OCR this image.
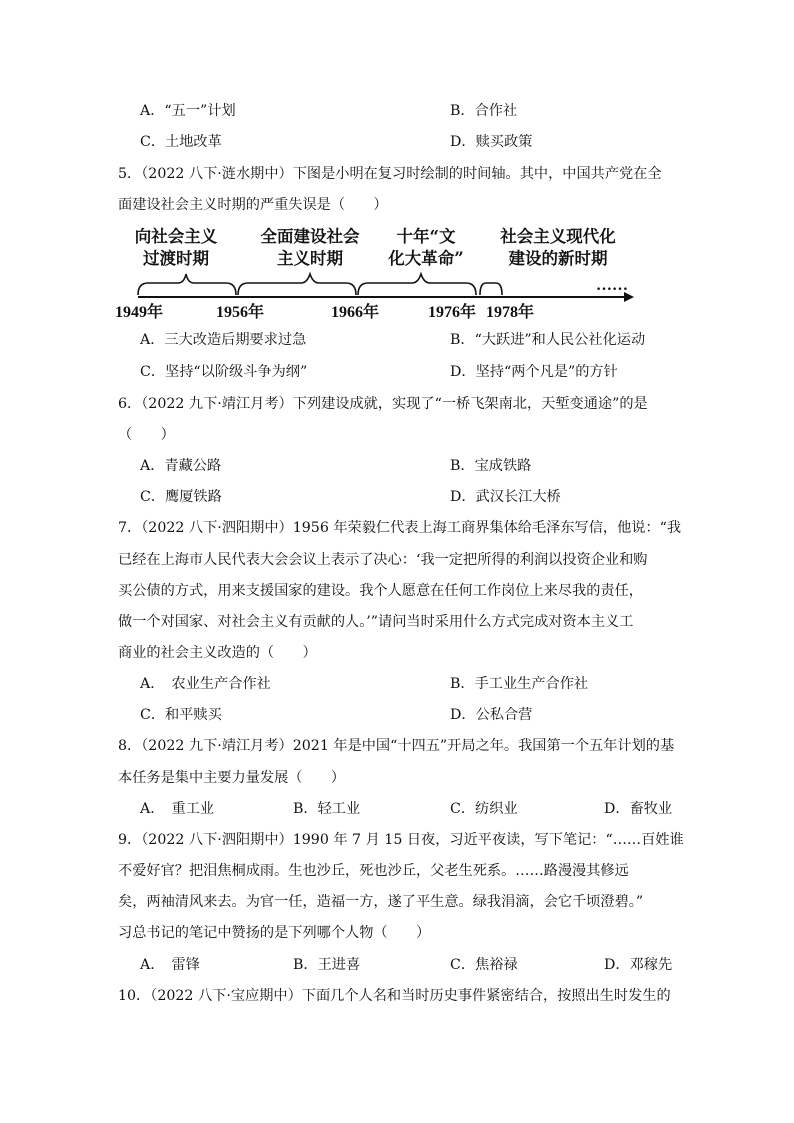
A．“五一”计划	B．合作社
C．土地改革	D．赎买政策
5．（2022 八下·涟水期中）下图是小明在复习时绘制的时间轴。其中，中国共产党在全
面建设社会主义时期的严重失误是（　　）
向社会主义
过渡时期
全面建设社会
主义时期
十年“文
化大革命”
社会主义现代化
建设的新时期
……
1949年	1956年	1966年	1976年 1978年
A．三大改造后期要求过急	B．“大跃进”和人民公社化运动
C．坚持“以阶级斗争为纲”	D．坚持“两个凡是”的方针
6．（2022 九下·靖江月考）下列建设成就，实现了“一桥飞架南北，天堑变通途”的是
（　　）
A．青藏公路	B．宝成铁路
C．鹰厦铁路	D．武汉长江大桥
7．（2022 八下·泗阳期中）1956 年荣毅仁代表上海工商界集体给毛泽东写信，他说：“我
已经在上海市人民代表大会会议上表示了决心：‘我一定把所得的利润以投资企业和购
买公债的方式，用来支援国家的建设。我个人愿意在任何工作岗位上来尽我的责任，
做一个对国家、对社会主义有贡献的人。’”请问当时采用什么方式完成对资本主义工
商业的社会主义改造的（　　）
A．　农业生产合作社	B．手工业生产合作社
C．和平赎买	D．公私合营
8．（2022 九下·靖江月考）2021 年是中国“十四五”开局之年。我国第一个五年计划的基
本任务是集中主要力量发展（　　）
A．　重工业	B．轻工业	C．纺织业	D．畜牧业
9．（2022 八下·泗阳期中）1990 年 7 月 15 日夜，习近平夜读，写下笔记：“……百姓谁
不爱好官？把泪焦桐成雨。生也沙丘，死也沙丘，父老生死系。……路漫漫其修远
矣，两袖清风来去。为官一任，造福一方，遂了平生意。绿我涓滴，会它千顷澄碧。”
习总书记的笔记中赞扬的是下列哪个人物（　　）
A．　雷锋	B．王进喜	C．焦裕禄	D．邓稼先
10．（2022 八下·宝应期中）下面几个人名和当时历史事件紧密结合，按照出生时发生的
